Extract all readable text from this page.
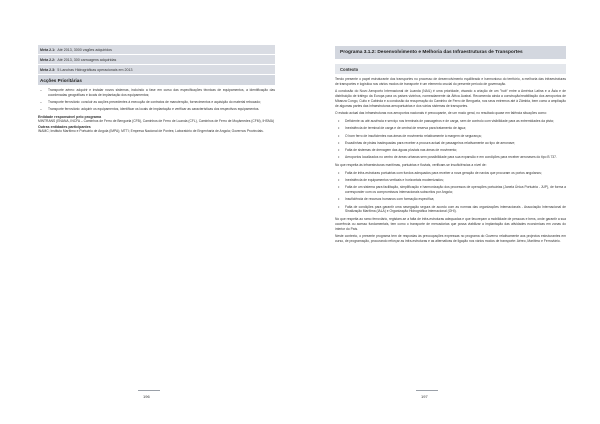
Meta 2.1: Até 2013, 3000 vagões adquiridos
Meta 2.2: Até 2013, 300 carruagens adquiridas
Meta 2.3: 5 Lanchas Hidrográficas operacionais em 2013
Acções Prioritárias
– Transporte aéreo: adquirir e instalar novos sistemas, incluindo a fase em curso das especificações técnicas de equipamentos, a identificação das coordenadas geográficas e locais de implantação dos equipamentos;
– Transporte ferroviário: concluir as acções precedentes à execução de contratos de manutenção, fornecimentos e aquisição do material rebocado;
– Transporte ferroviário: adquirir os equipamentos, identificar os locais de implantação e verificar as características dos respectivos equipamentos.
Entidade responsável pelo programa
MINTRANS (ENANA, INCFA – Caminhos de Ferro de Benguela (CFB), Caminhos de Ferro de Luanda (CFL), Caminhos de Ferro de Moçâmedes (CFM), IHSMA)
Outras entidades participantes
INAMC; Instituto Marítimo e Portuário de Angola (IMPA); MTTI; Empresa Nacional de Pontes; Laboratório de Engenharia de Angola; Governos Provinciais.
196
Programa 3.1.2: Desenvolvimento e Melhoria das Infraestruturas de Transportes
Contexto
Tendo presente o papel estruturante dos transportes no processo de desenvolvimento equilibrado e harmonioso do território, a melhoria das infraestruturas de transportes e logística nos vários modos de transporte é um elemento crucial do presente período de governação.
A conclusão do Novo Aeroporto Internacional de Luanda (NAIL) é uma prioridade, visando a criação de um "hub" entre a América Latina e a Ásia e de distribuição de tráfego da Europa para os países vizinhos, nomeadamente da África Austral. Recomenda ainda a construção/reabilitação dos aeroportos de Mbanza Congo, Cuito e Cabinda e a conclusão da recuperação do Caminho de Ferro de Benguela, nos seus extremos até à Zâmbia, bem como a ampliação de algumas partes das infraestruturas aeroportuárias e dos vários sistemas de transportes.
O estado actual das infraestruturas nos aeroportos nacionais é preocupante, de um modo geral, no resultado quase em falência situações como:
• Deficiente ou até ausência e serviço nos terminais de passageiros e de carga, sem de controlo com visibilidade para as extremidades da pista;
• Inexistência de terminal de carga e de central de reserva para tratamento de água;
• O bom ferro de insuficientes nas áreas de movimento relativamente à margem de segurança;
• Escadinhas de pistas inadequadas para receber a procura actual de passageiros relativamente ao tipo de aeronave;
• Falta de sistemas de drenagem das águas pluviais nas áreas de movimento;
• Aeroportos localizados no centro de áreas urbanas sem possibilidade para sua expansão e em condições para receber aeronaves do tipo B 737.
No que respeita às infraestruturas marítimas, portuárias e fluviais, verificam-se insuficiências a nível de:
• Falta de infra-estruturas portuárias com fundos adequados para receber a nova geração de navios que procuram os portos angolanos;
• Inexistência de equipamentos verticais e horizontais modernizados;
• Falta de um sistema para facilitação, simplificação e harmonização dos processos de operações portuárias (Janela Única Portuária - JUP), de forma a corresponder com os compromissos internacionais subscritos por Angola;
• Insuficiência de recursos humanos com formação específica;
• Falta de condições para garantir uma navegação segura de acordo com as normas das organizações internacionais - Associação Internacional de Sinalização Marítima (IALA) e Organização Hidrográfica Internacional (OHI).
No que respeita ao ramo ferroviário, registam-se a falta de infra-estruturas adequadas e que favoreçam a mobilidade de pessoas e bens, onde garantir a sua ocorrência ou acesso fundamentais, tem como o transporte de mercadorias que possa viabilizar a implantação das atividades económicas em zonas do interior do País.
Neste contexto, o presente programa tem de respostas às preocupações expressas no programa do Governo relativamente aos projectos estruturantes em curso, de programação, procurando reforçar as infra-estruturas e as alternativas de ligação nos vários modos de transporte: Aéreo, Marítimo e Ferroviário.
197
